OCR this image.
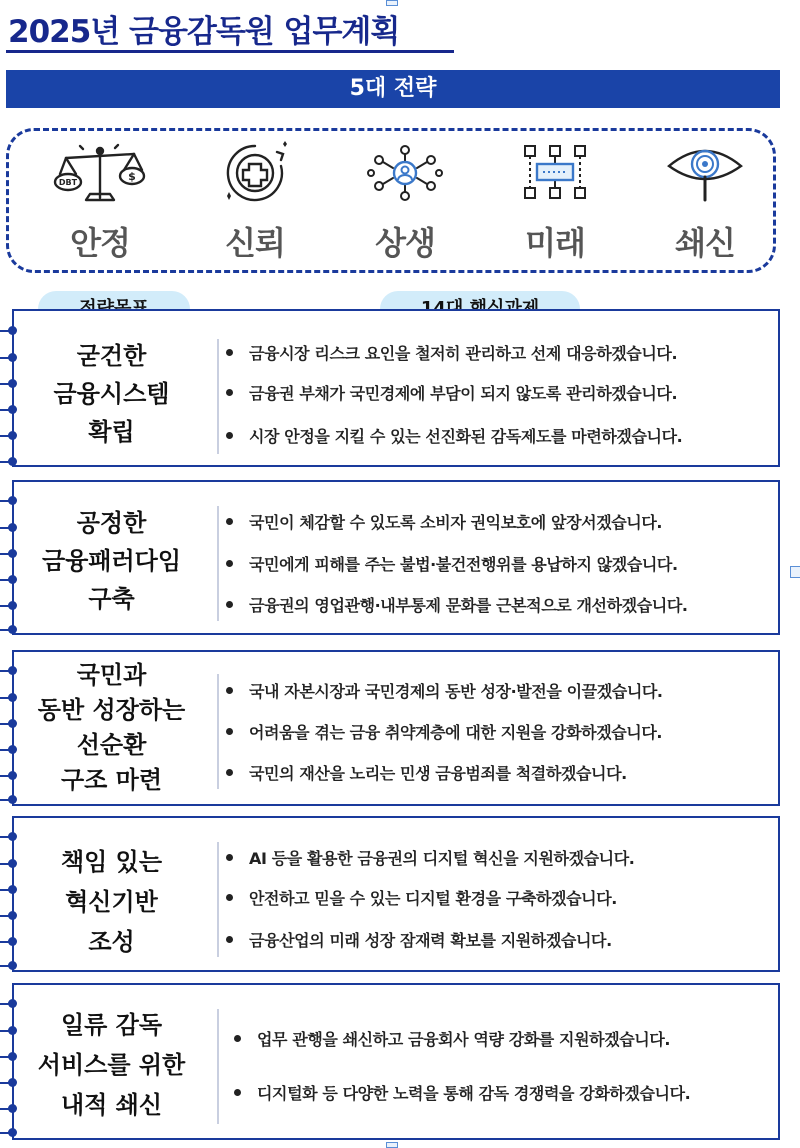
2025년 금융감독원 업무계획
5대 전략
DBT	$
안정	신뢰	상생	미래	쇄신
굳건한
금융시스템
확립
금융시장 리스크 요인을 철저히 관리하고 선제 대응하겠습니다.
금융권 부채가 국민경제에 부담이 되지 않도록 관리하겠습니다.
시장 안정을 지킬 수 있는 선진화된 감독제도를 마련하겠습니다.
공정한
금융패러다임
구축
국민이 체감할 수 있도록 소비자 권익보호에 앞장서겠습니다.
국민에게 피해를 주는 불법·불건전행위를 용납하지 않겠습니다.
금융권의 영업관행·내부통제 문화를 근본적으로 개선하겠습니다.
국민과
동반 성장하는
선순환
구조 마련
국내 자본시장과 국민경제의 동반 성장·발전을 이끌겠습니다.
어려움을 겪는 금융 취약계층에 대한 지원을 강화하겠습니다.
국민의 재산을 노리는 민생 금융범죄를 척결하겠습니다.
책임 있는
혁신기반
조성
AI 등을 활용한 금융권의 디지털 혁신을 지원하겠습니다.
안전하고 믿을 수 있는 디지털 환경을 구축하겠습니다.
금융산업의 미래 성장 잠재력 확보를 지원하겠습니다.
일류 감독
서비스를 위한
내적 쇄신
업무 관행을 쇄신하고 금융회사 역량 강화를 지원하겠습니다.
디지털화 등 다양한 노력을 통해 감독 경쟁력을 강화하겠습니다.
